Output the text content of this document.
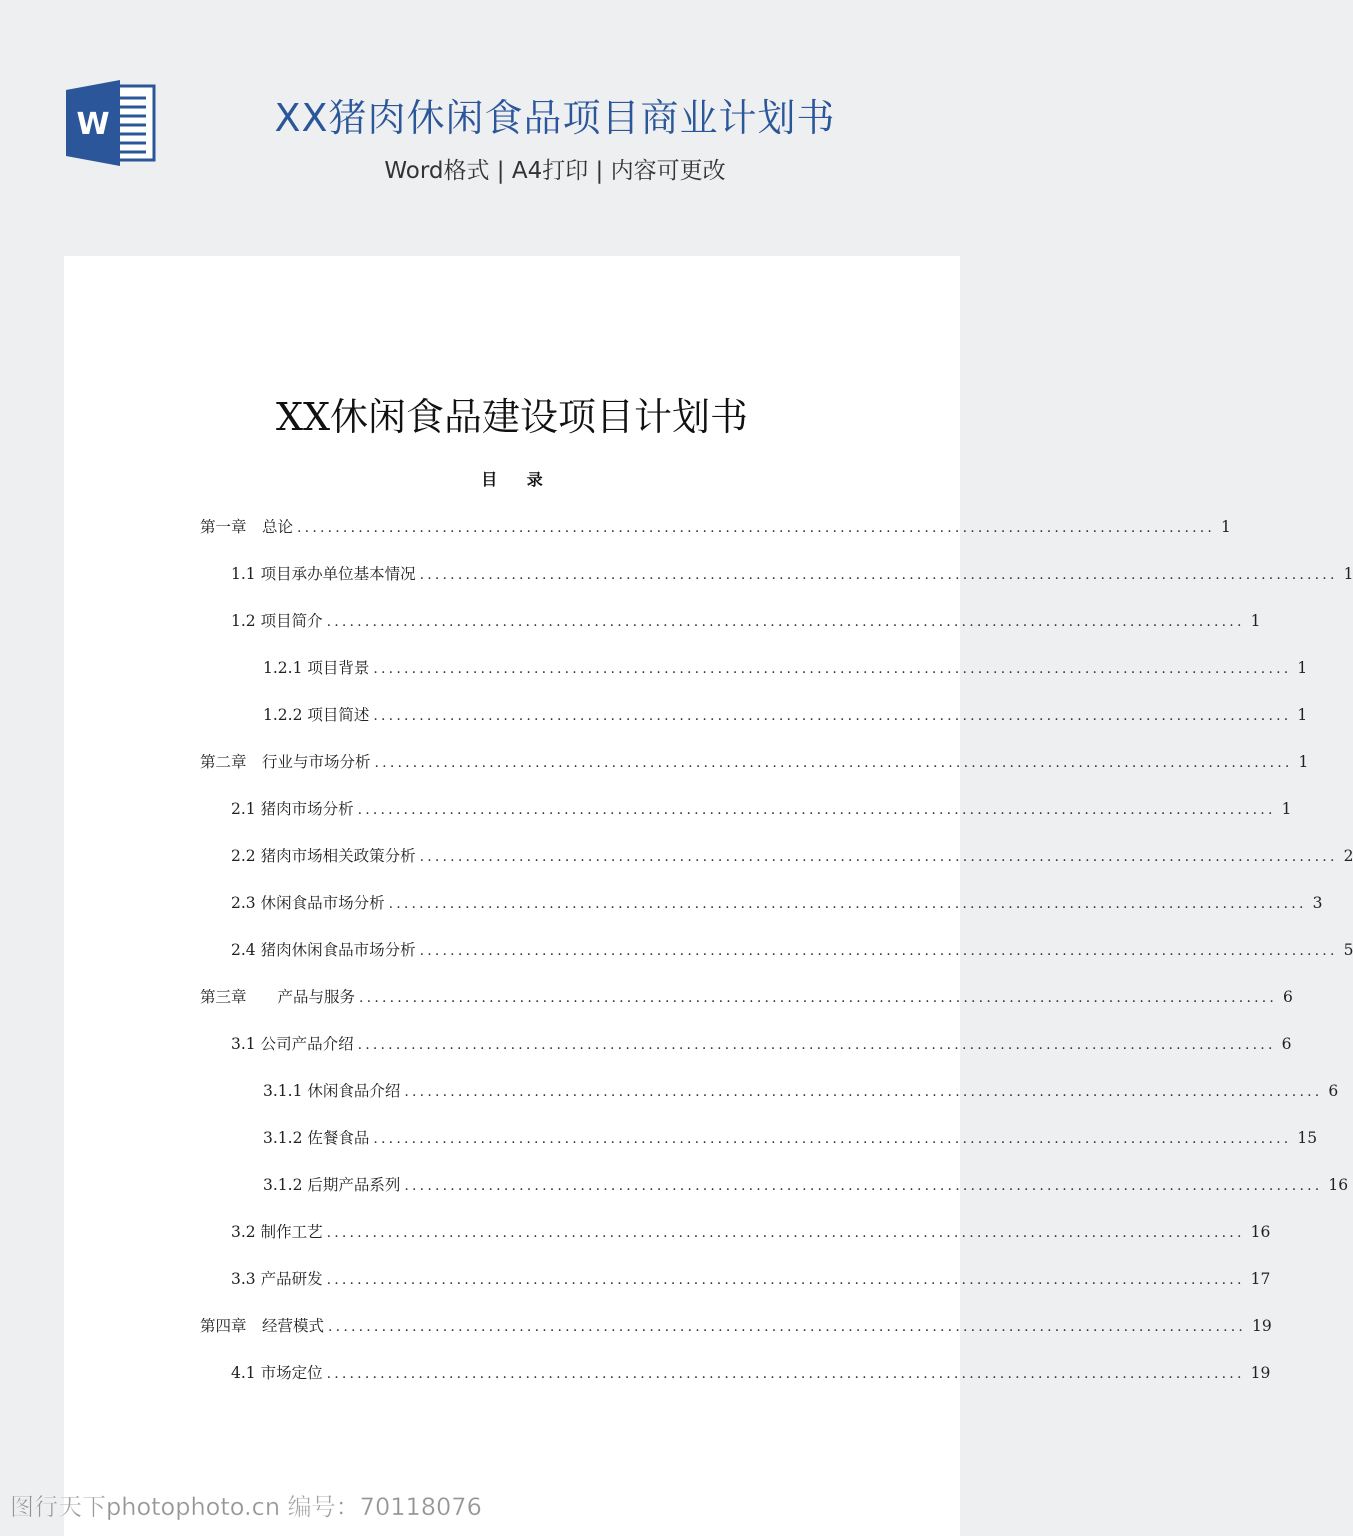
W	XX猪肉休闲食品项目商业计划书
Word格式 | A4打印 | 内容可更改
XX休闲食品建设项目计划书
目 录
第一章　总论 ........................................................................................................................ 1
1.1 项目承办单位基本情况 ........................................................................................................................ 1
1.2 项目简介 ........................................................................................................................ 1
1.2.1 项目背景 ........................................................................................................................ 1
1.2.2 项目简述 ........................................................................................................................ 1
第二章　行业与市场分析 ........................................................................................................................ 1
2.1 猪肉市场分析 ........................................................................................................................ 1
2.2 猪肉市场相关政策分析 ........................................................................................................................ 2
2.3 休闲食品市场分析 ........................................................................................................................ 3
2.4 猪肉休闲食品市场分析 ........................................................................................................................ 5
第三章　　产品与服务 ........................................................................................................................ 6
3.1 公司产品介绍 ........................................................................................................................ 6
3.1.1 休闲食品介绍 ........................................................................................................................ 6
3.1.2 佐餐食品 ........................................................................................................................ 15
3.1.2 后期产品系列 ........................................................................................................................ 16
3.2 制作工艺 ........................................................................................................................ 16
3.3 产品研发 ........................................................................................................................ 17
第四章　经营模式 ........................................................................................................................ 19
4.1 市场定位 ........................................................................................................................ 19
图行天下photophoto.cn 编号：70118076
